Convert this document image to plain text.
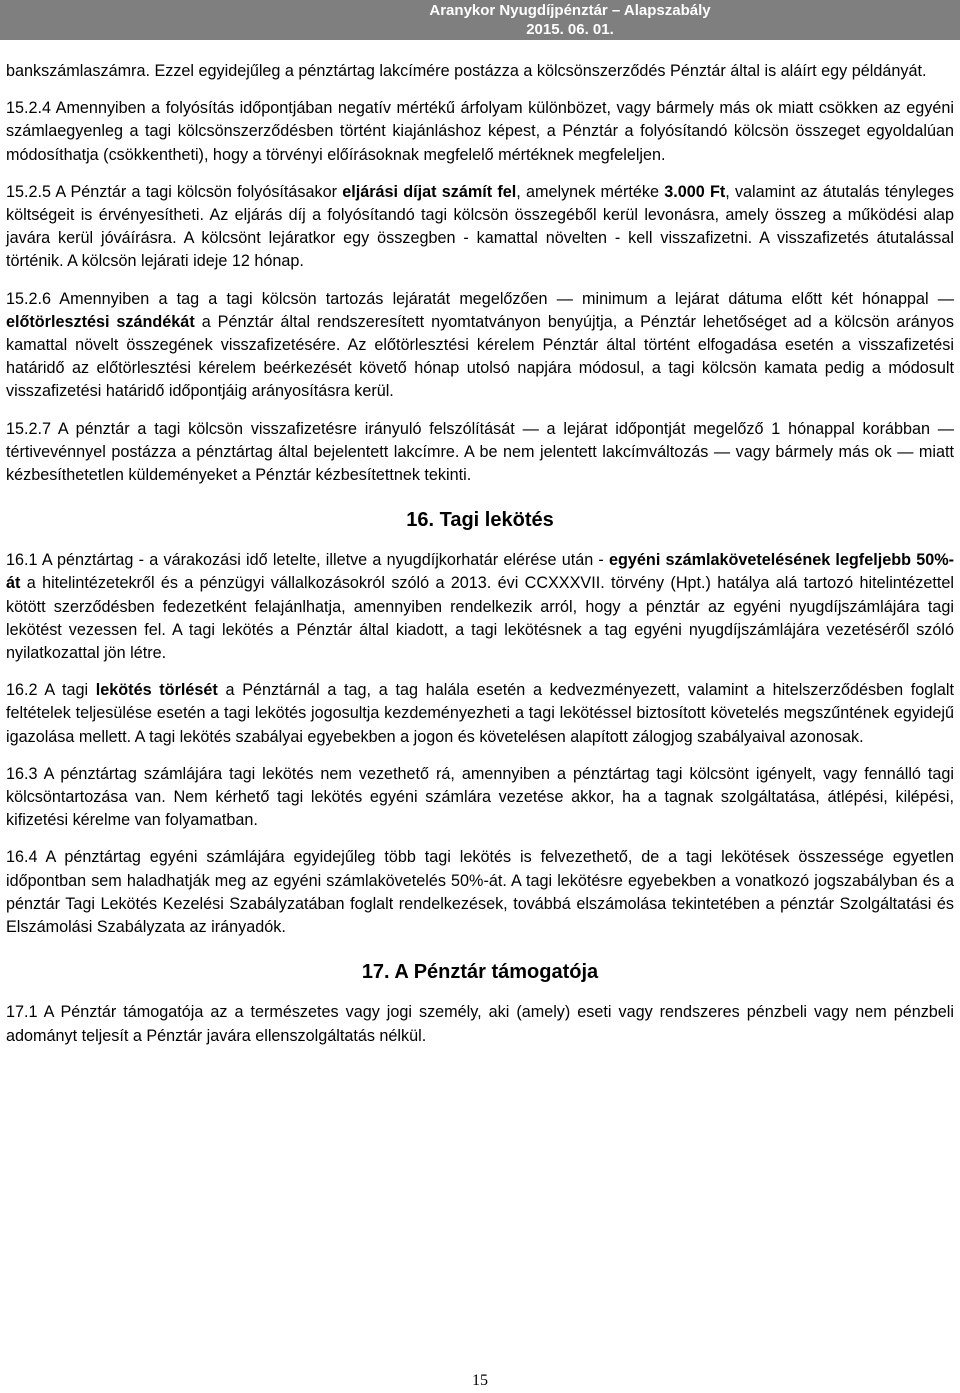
Aranykor Nyugdíjpénztár – Alapszabály
2015. 06. 01.

bankszámlaszámra. Ezzel egyidejűleg a pénztártag lakcímére postázza a kölcsönszerződés Pénztár által is aláírt egy példányát.

15.2.4 Amennyiben a folyósítás időpontjában negatív mértékű árfolyam különbözet, vagy bármely más ok miatt csökken az egyéni számlaegyenleg a tagi kölcsönszerződésben történt kiajánláshoz képest, a Pénztár a folyósítandó kölcsön összeget egyoldalúan módosíthatja (csökkentheti), hogy a törvényi előírásoknak megfelelő mértéknek megfeleljen.

15.2.5 A Pénztár a tagi kölcsön folyósításakor eljárási díjat számít fel, amelynek mértéke 3.000 Ft, valamint az átutalás tényleges költségeit is érvényesítheti. Az eljárás díj a folyósítandó tagi kölcsön összegéből kerül levonásra, amely összeg a működési alap javára kerül jóváírásra. A kölcsönt lejáratkor egy összegben - kamattal növelten - kell visszafizetni. A visszafizetés átutalással történik. A kölcsön lejárati ideje 12 hónap.

15.2.6 Amennyiben a tag a tagi kölcsön tartozás lejáratát megelőzően — minimum a lejárat dátuma előtt két hónappal — előtörlesztési szándékát a Pénztár által rendszeresített nyomtatványon benyújtja, a Pénztár lehetőséget ad a kölcsön arányos kamattal növelt összegének visszafizetésére. Az előtörlesztési kérelem Pénztár által történt elfogadása esetén a visszafizetési határidő az előtörlesztési kérelem beérkezését követő hónap utolsó napjára módosul, a tagi kölcsön kamata pedig a módosult visszafizetési határidő időpontjáig arányosításra kerül.

15.2.7 A pénztár a tagi kölcsön visszafizetésre irányuló felszólítását — a lejárat időpontját megelőző 1 hónappal korábban — tértivevénnyel postázza a pénztártag által bejelentett lakcímre. A be nem jelentett lakcímváltozás — vagy bármely más ok — miatt kézbesíthetetlen küldeményeket a Pénztár kézbesítettnek tekinti.

16. Tagi lekötés

16.1 A pénztártag - a várakozási idő letelte, illetve a nyugdíjkorhatár elérése után - egyéni számlakövetelésének legfeljebb 50%-át a hitelintézetekről és a pénzügyi vállalkozásokról szóló a 2013. évi CCXXXVII. törvény (Hpt.) hatálya alá tartozó hitelintézettel kötött szerződésben fedezetként felajánlhatja, amennyiben rendelkezik arról, hogy a pénztár az egyéni nyugdíjszámlájára tagi lekötést vezessen fel. A tagi lekötés a Pénztár által kiadott, a tagi lekötésnek a tag egyéni nyugdíjszámlájára vezetéséről szóló nyilatkozattal jön létre.

16.2 A tagi lekötés törlését a Pénztárnál a tag, a tag halála esetén a kedvezményezett, valamint a hitelszerződésben foglalt feltételek teljesülése esetén a tagi lekötés jogosultja kezdeményezheti a tagi lekötéssel biztosított követelés megszűntének egyidejű igazolása mellett. A tagi lekötés szabályai egyebekben a jogon és követelésen alapított zálogjog szabályaival azonosak.

16.3 A pénztártag számlájára tagi lekötés nem vezethető rá, amennyiben a pénztártag tagi kölcsönt igényelt, vagy fennálló tagi kölcsöntartozása van. Nem kérhető tagi lekötés egyéni számlára vezetése akkor, ha a tagnak szolgáltatása, átlépési, kilépési, kifizetési kérelme van folyamatban.

16.4 A pénztártag egyéni számlájára egyidejűleg több tagi lekötés is felvezethető, de a tagi lekötések összessége egyetlen időpontban sem haladhatják meg az egyéni számlakövetelés 50%-át. A tagi lekötésre egyebekben a vonatkozó jogszabályban és a pénztár Tagi Lekötés Kezelési Szabályzatában foglalt rendelkezések, továbbá elszámolása tekintetében a pénztár Szolgáltatási és Elszámolási Szabályzata az irányadók.

17. A Pénztár támogatója

17.1 A Pénztár támogatója az a természetes vagy jogi személy, aki (amely) eseti vagy rendszeres pénzbeli vagy nem pénzbeli adományt teljesít a Pénztár javára ellenszolgáltatás nélkül.

15
